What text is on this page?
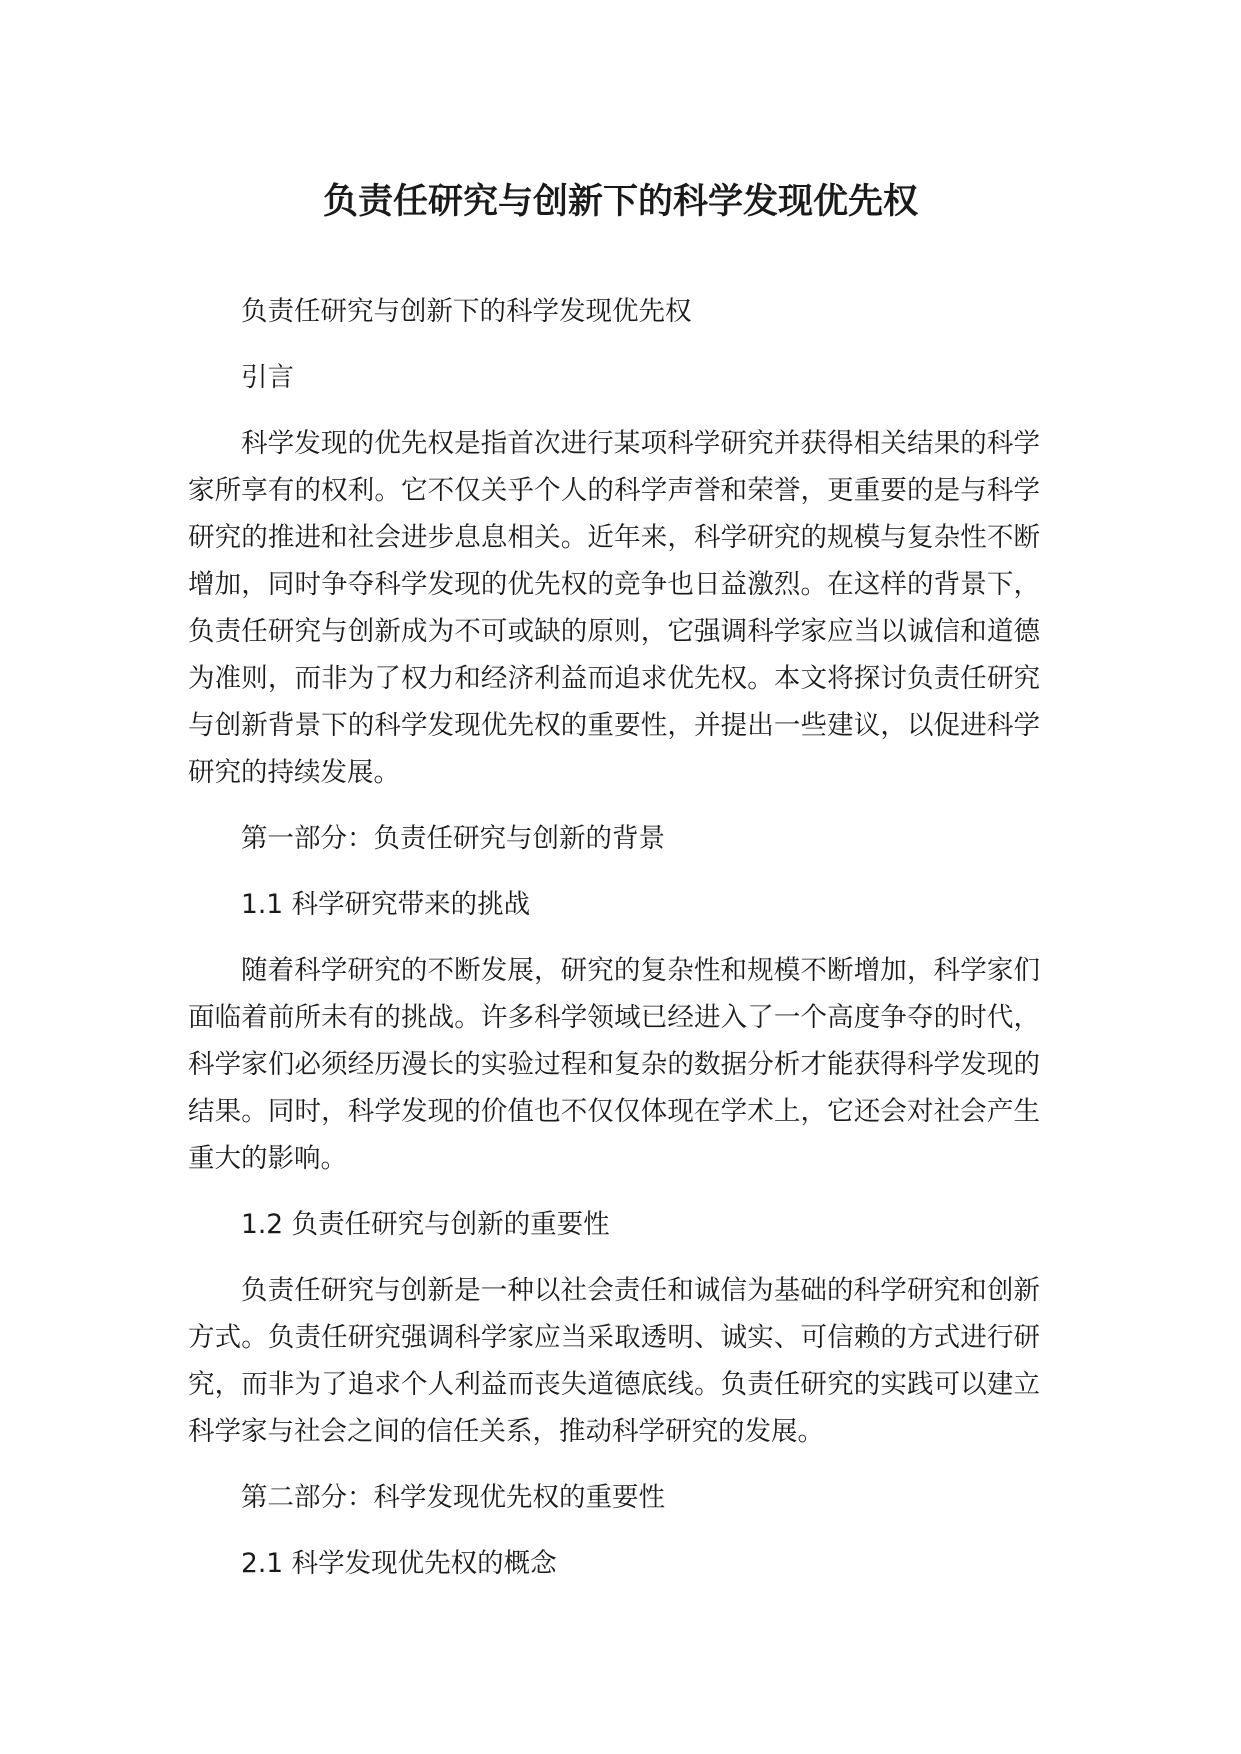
负责任研究与创新下的科学发现优先权

负责任研究与创新下的科学发现优先权

引言

科学发现的优先权是指首次进行某项科学研究并获得相关结果的科学家所享有的权利。它不仅关乎个人的科学声誉和荣誉，更重要的是与科学研究的推进和社会进步息息相关。近年来，科学研究的规模与复杂性不断增加，同时争夺科学发现的优先权的竞争也日益激烈。在这样的背景下，负责任研究与创新成为不可或缺的原则，它强调科学家应当以诚信和道德为准则，而非为了权力和经济利益而追求优先权。本文将探讨负责任研究与创新背景下的科学发现优先权的重要性，并提出一些建议，以促进科学研究的持续发展。

第一部分：负责任研究与创新的背景

1.1 科学研究带来的挑战

随着科学研究的不断发展，研究的复杂性和规模不断增加，科学家们面临着前所未有的挑战。许多科学领域已经进入了一个高度争夺的时代，科学家们必须经历漫长的实验过程和复杂的数据分析才能获得科学发现的结果。同时，科学发现的价值也不仅仅体现在学术上，它还会对社会产生重大的影响。

1.2 负责任研究与创新的重要性

负责任研究与创新是一种以社会责任和诚信为基础的科学研究和创新方式。负责任研究强调科学家应当采取透明、诚实、可信赖的方式进行研究，而非为了追求个人利益而丧失道德底线。负责任研究的实践可以建立科学家与社会之间的信任关系，推动科学研究的发展。

第二部分：科学发现优先权的重要性

2.1 科学发现优先权的概念
